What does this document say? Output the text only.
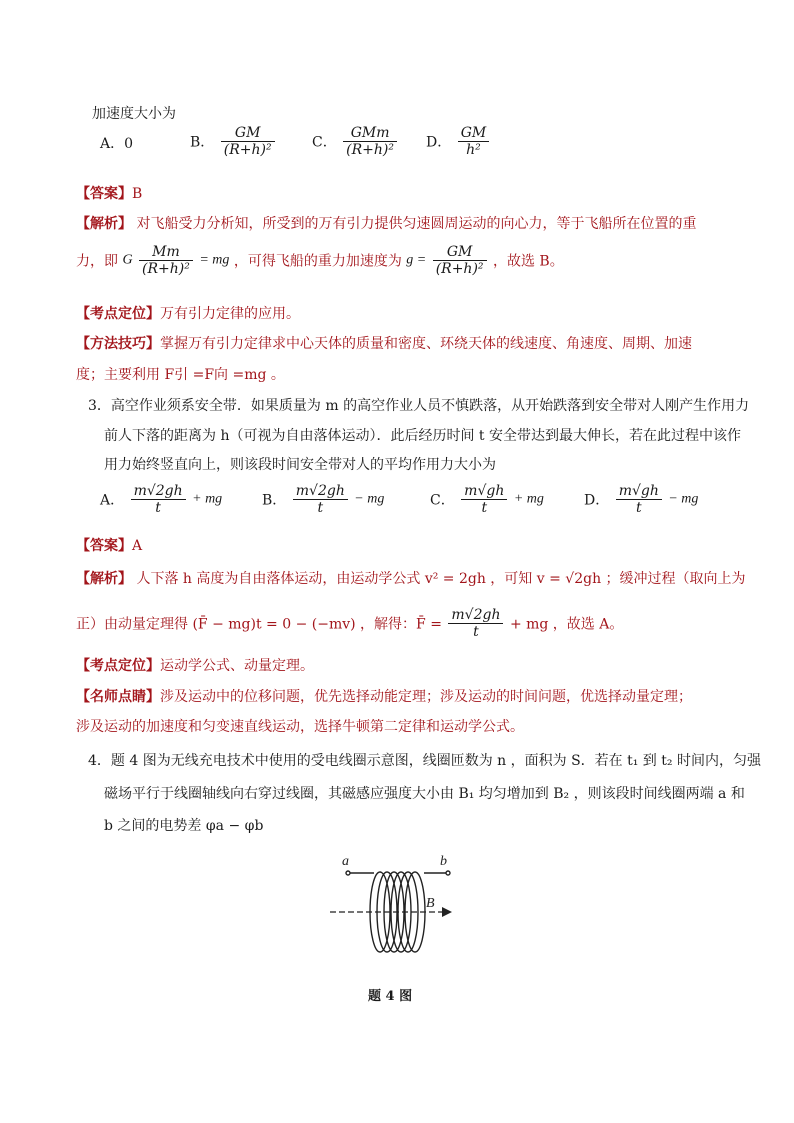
加速度大小为
A．0	B． $\frac{GM}{\text{(R+h)²}}$	C． $\frac{\text{GMm}}{\text{(R+h)²}}$ D． $\frac{GM}{\text{h²}}$
【答案】B
【解析】 对飞船受力分析知，所受到的万有引力提供匀速圆周运动的向心力，等于飞船所在位置的重
力，即 G $\frac{Mm}{\text{(R+h)²}}$ = mg ，可得飞船的重力加速度为 $g = \frac{GM}{\text{(R+h)²}}$ ，故选 B。
【考点定位】万有引力定律的应用。
【方法技巧】掌握万有引力定律求中心天体的质量和密度、环绕天体的线速度、角速度、周期、加速
度；主要利用 F引 =F向 =mg 。
3．高空作业须系安全带．如果质量为 m 的高空作业人员不慎跌落，从开始跌落到安全带对人刚产生作用力
前人下落的距离为 h（可视为自由落体运动）．此后经历时间 t 安全带达到最大伸长，若在此过程中该作
用力始终竖直向上，则该段时间安全带对人的平均作用力大小为
A． $\frac{m√2gh}{t}$ + mg	B． $\frac{m√2gh}{t}$ − mg	C． $\frac{m√gh}{t}$ + mg	D． $\frac{m√gh}{t}$ − mg
【答案】A
【解析】 人下落 h 高度为自由落体运动，由运动学公式 v² = 2gh ，可知 v = √2gh ；缓冲过程（取向上为
正）由动量定理得 (F̄ − mg)t = 0 − (−mv) ，解得：F̄ = $\frac{m√2gh}{t}$ + mg ，故选 A。
【考点定位】运动学公式、动量定理。
【名师点睛】涉及运动中的位移问题，优先选择动能定理；涉及运动的时间问题，优选择动量定理；
涉及运动的加速度和匀变速直线运动，选择牛顿第二定律和运动学公式。
4．题 4 图为无线充电技术中使用的受电线圈示意图，线圈匝数为 n ，面积为 S．若在 t₁ 到 t₂ 时间内，匀强
磁场平行于线圈轴线向右穿过线圈，其磁感应强度大小由 B₁ 均匀增加到 B₂ ，则该段时间线圈两端 a 和
b 之间的电势差 φa − φb
a	b
B
题 4 图
